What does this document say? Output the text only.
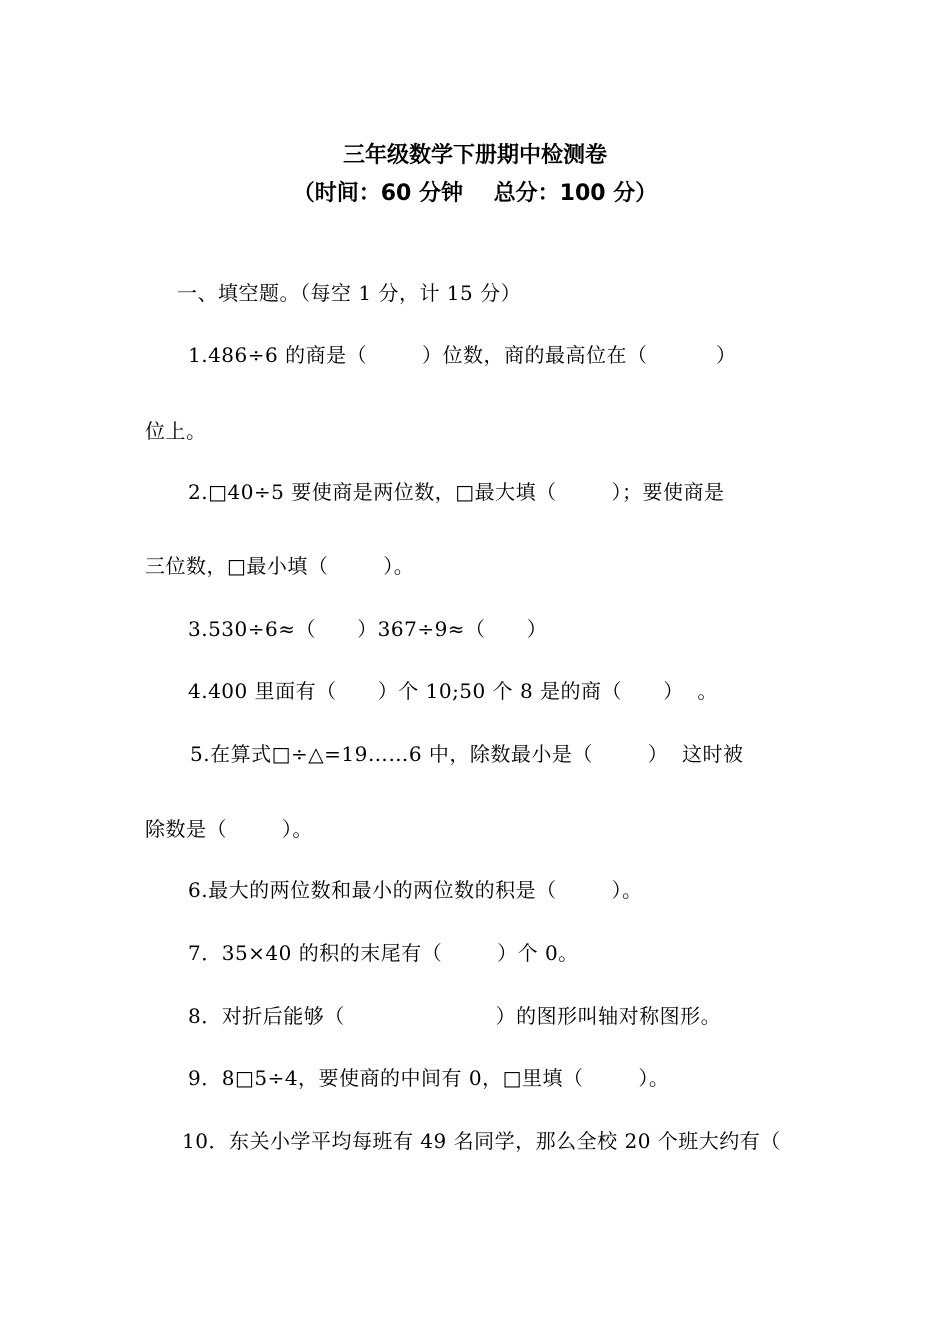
三年级数学下册期中检测卷
（时间：60 分钟    总分：100 分）
一、填空题。（每空 1 分，计 15 分）
1.486÷6 的商是（        ）位数，商的最高位在（          ）
位上。
2.□40÷5 要使商是两位数，□最大填（        ）；要使商是
三位数，□最小填（        ）。
3.530÷6≈（      ）367÷9≈（      ）
4.400 里面有（      ）个 10;50 个 8 是的商（      ）  。
5.在算式□÷△=19……6 中，除数最小是（        ）  这时被
除数是（        ）。
6.最大的两位数和最小的两位数的积是（        ）。
7．35×40 的积的末尾有（        ）个 0。
8．对折后能够（                      ）的图形叫轴对称图形。
9．8□5÷4，要使商的中间有 0，□里填（        ）。
10．东关小学平均每班有 49 名同学，那么全校 20 个班大约有（
